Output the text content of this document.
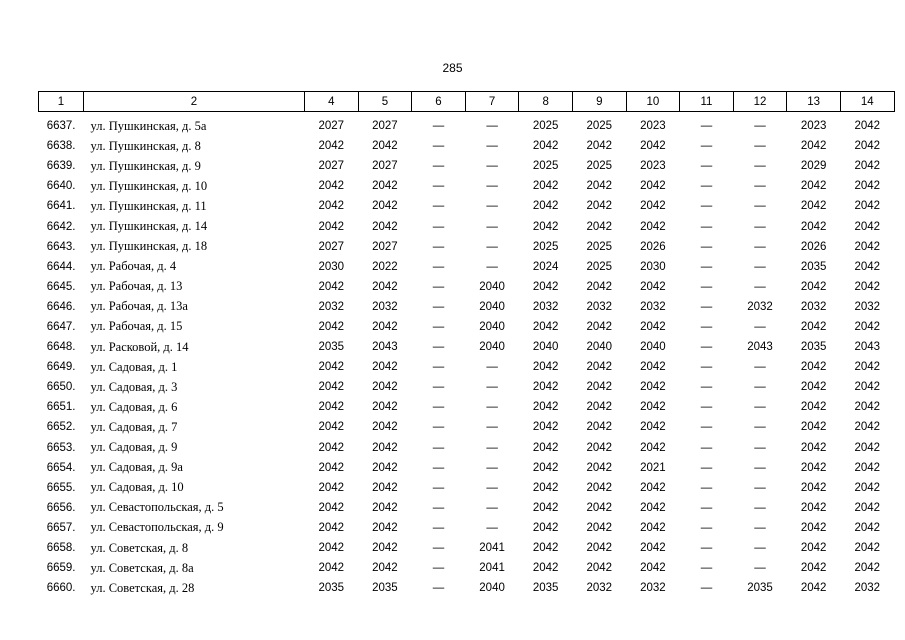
285
1	2	4	5	6	7	8	9	10	11	12	13	14
6637.	ул. Пушкинская, д. 5а	2027	2027	—	—	2025	2025	2023	—	—	2023	2042
6638.	ул. Пушкинская, д. 8	2042	2042	—	—	2042	2042	2042	—	—	2042	2042
6639.	ул. Пушкинская, д. 9	2027	2027	—	—	2025	2025	2023	—	—	2029	2042
6640.	ул. Пушкинская, д. 10	2042	2042	—	—	2042	2042	2042	—	—	2042	2042
6641.	ул. Пушкинская, д. 11	2042	2042	—	—	2042	2042	2042	—	—	2042	2042
6642.	ул. Пушкинская, д. 14	2042	2042	—	—	2042	2042	2042	—	—	2042	2042
6643.	ул. Пушкинская, д. 18	2027	2027	—	—	2025	2025	2026	—	—	2026	2042
6644.	ул. Рабочая, д. 4	2030	2022	—	—	2024	2025	2030	—	—	2035	2042
6645.	ул. Рабочая, д. 13	2042	2042	—	2040	2042	2042	2042	—	—	2042	2042
6646.	ул. Рабочая, д. 13а	2032	2032	—	2040	2032	2032	2032	—	2032	2032	2032
6647.	ул. Рабочая, д. 15	2042	2042	—	2040	2042	2042	2042	—	—	2042	2042
6648.	ул. Расковой, д. 14	2035	2043	—	2040	2040	2040	2040	—	2043	2035	2043
6649.	ул. Садовая, д. 1	2042	2042	—	—	2042	2042	2042	—	—	2042	2042
6650.	ул. Садовая, д. 3	2042	2042	—	—	2042	2042	2042	—	—	2042	2042
6651.	ул. Садовая, д. 6	2042	2042	—	—	2042	2042	2042	—	—	2042	2042
6652.	ул. Садовая, д. 7	2042	2042	—	—	2042	2042	2042	—	—	2042	2042
6653.	ул. Садовая, д. 9	2042	2042	—	—	2042	2042	2042	—	—	2042	2042
6654.	ул. Садовая, д. 9а	2042	2042	—	—	2042	2042	2021	—	—	2042	2042
6655.	ул. Садовая, д. 10	2042	2042	—	—	2042	2042	2042	—	—	2042	2042
6656.	ул. Севастопольская, д. 5	2042	2042	—	—	2042	2042	2042	—	—	2042	2042
6657.	ул. Севастопольская, д. 9	2042	2042	—	—	2042	2042	2042	—	—	2042	2042
6658.	ул. Советская, д. 8	2042	2042	—	2041	2042	2042	2042	—	—	2042	2042
6659.	ул. Советская, д. 8а	2042	2042	—	2041	2042	2042	2042	—	—	2042	2042
6660.	ул. Советская, д. 28	2035	2035	—	2040	2035	2032	2032	—	2035	2042	2032
